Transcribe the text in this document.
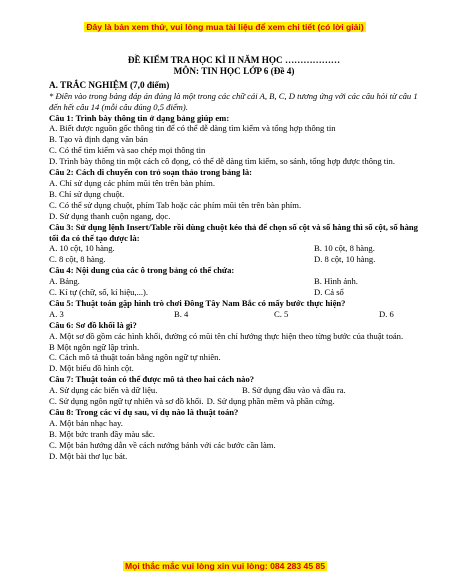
Đây là bản xem thử, vui lòng mua tài liệu để xem chi tiết (có lời giải)
ĐỀ KIỂM TRA HỌC KÌ II NĂM HỌC ………………
MÔN: TIN HỌC LỚP 6 (Đề 4)
A. TRẮC NGHIỆM (7,0 điểm)
* Điền vào trong bảng đáp án đúng là một trong các chữ cái A, B, C, D tương ứng với các câu hỏi từ câu 1 đến hết câu 14 (mỗi câu đúng 0,5 điểm).
Câu 1: Trình bày thông tin ở dạng bảng giúp em:
A. Biết được nguồn gốc thông tin để có thể dễ dàng tìm kiếm và tổng hợp thông tin
B. Tạo và định dạng văn bản
C. Có thể tìm kiếm và sao chép mọi thông tin
D. Trình bày thông tin một cách cô đọng, có thể dễ dàng tìm kiếm, so sánh, tổng hợp được thông tin.
Câu 2: Cách di chuyển con trỏ soạn thảo trong bảng là:
A. Chỉ sử dụng các phím mũi tên trên bàn phím.
B. Chỉ sử dụng chuột.
C. Có thể sử dụng chuột, phím Tab hoặc các phím mũi tên trên bàn phím.
D. Sử dụng thanh cuộn ngang, dọc.
Câu 3: Sử dụng lệnh Insert/Table rồi dùng chuột kéo thả để chọn số cột và số hàng thì số cột, số hàng tối đa có thể tạo được là:
A. 10 cột, 10 hàng.	B. 10 cột, 8 hàng.
C. 8 cột, 8 hàng.	D. 8 cột, 10 hàng.
Câu 4: Nội dung của các ô trong bảng có thể chứa:
A. Bảng.	B. Hình ảnh.
C. Kí tự (chữ, số, kí hiệu,...).	D. Cả sổ
Câu 5: Thuật toán gặp hình trò chơi Đông Tây Nam Bắc có mấy bước thực hiện?
A. 3	B. 4	C. 5	D. 6
Câu 6: Sơ đồ khối là gì?
A. Một sơ đồ gồm các hình khối, đường có mũi tên chỉ hướng thực hiện theo từng bước của thuật toán.
B Một ngôn ngữ lập trình.
C. Cách mô tả thuật toán bằng ngôn ngữ tự nhiên.
D. Một biểu đồ hình cột.
Câu 7: Thuật toán có thể được mô tả theo hai cách nào?
A. Sử dụng các biến và dữ liệu.	B. Sử dụng đầu vào và đầu ra.
C. Sử dụng ngôn ngữ tự nhiên và sơ đồ khối. D. Sử dụng phần mềm và phần cứng.
Câu 8: Trong các ví dụ sau, ví dụ nào là thuật toán?
A. Một bản nhạc hay.
B. Một bức tranh đầy màu sắc.
C. Một bản hướng dẫn về cách nướng bánh với các bước cần làm.
D. Một bài thơ lục bát.
Mọi thắc mắc vui lòng xin vui lòng: 084 283 45 85
